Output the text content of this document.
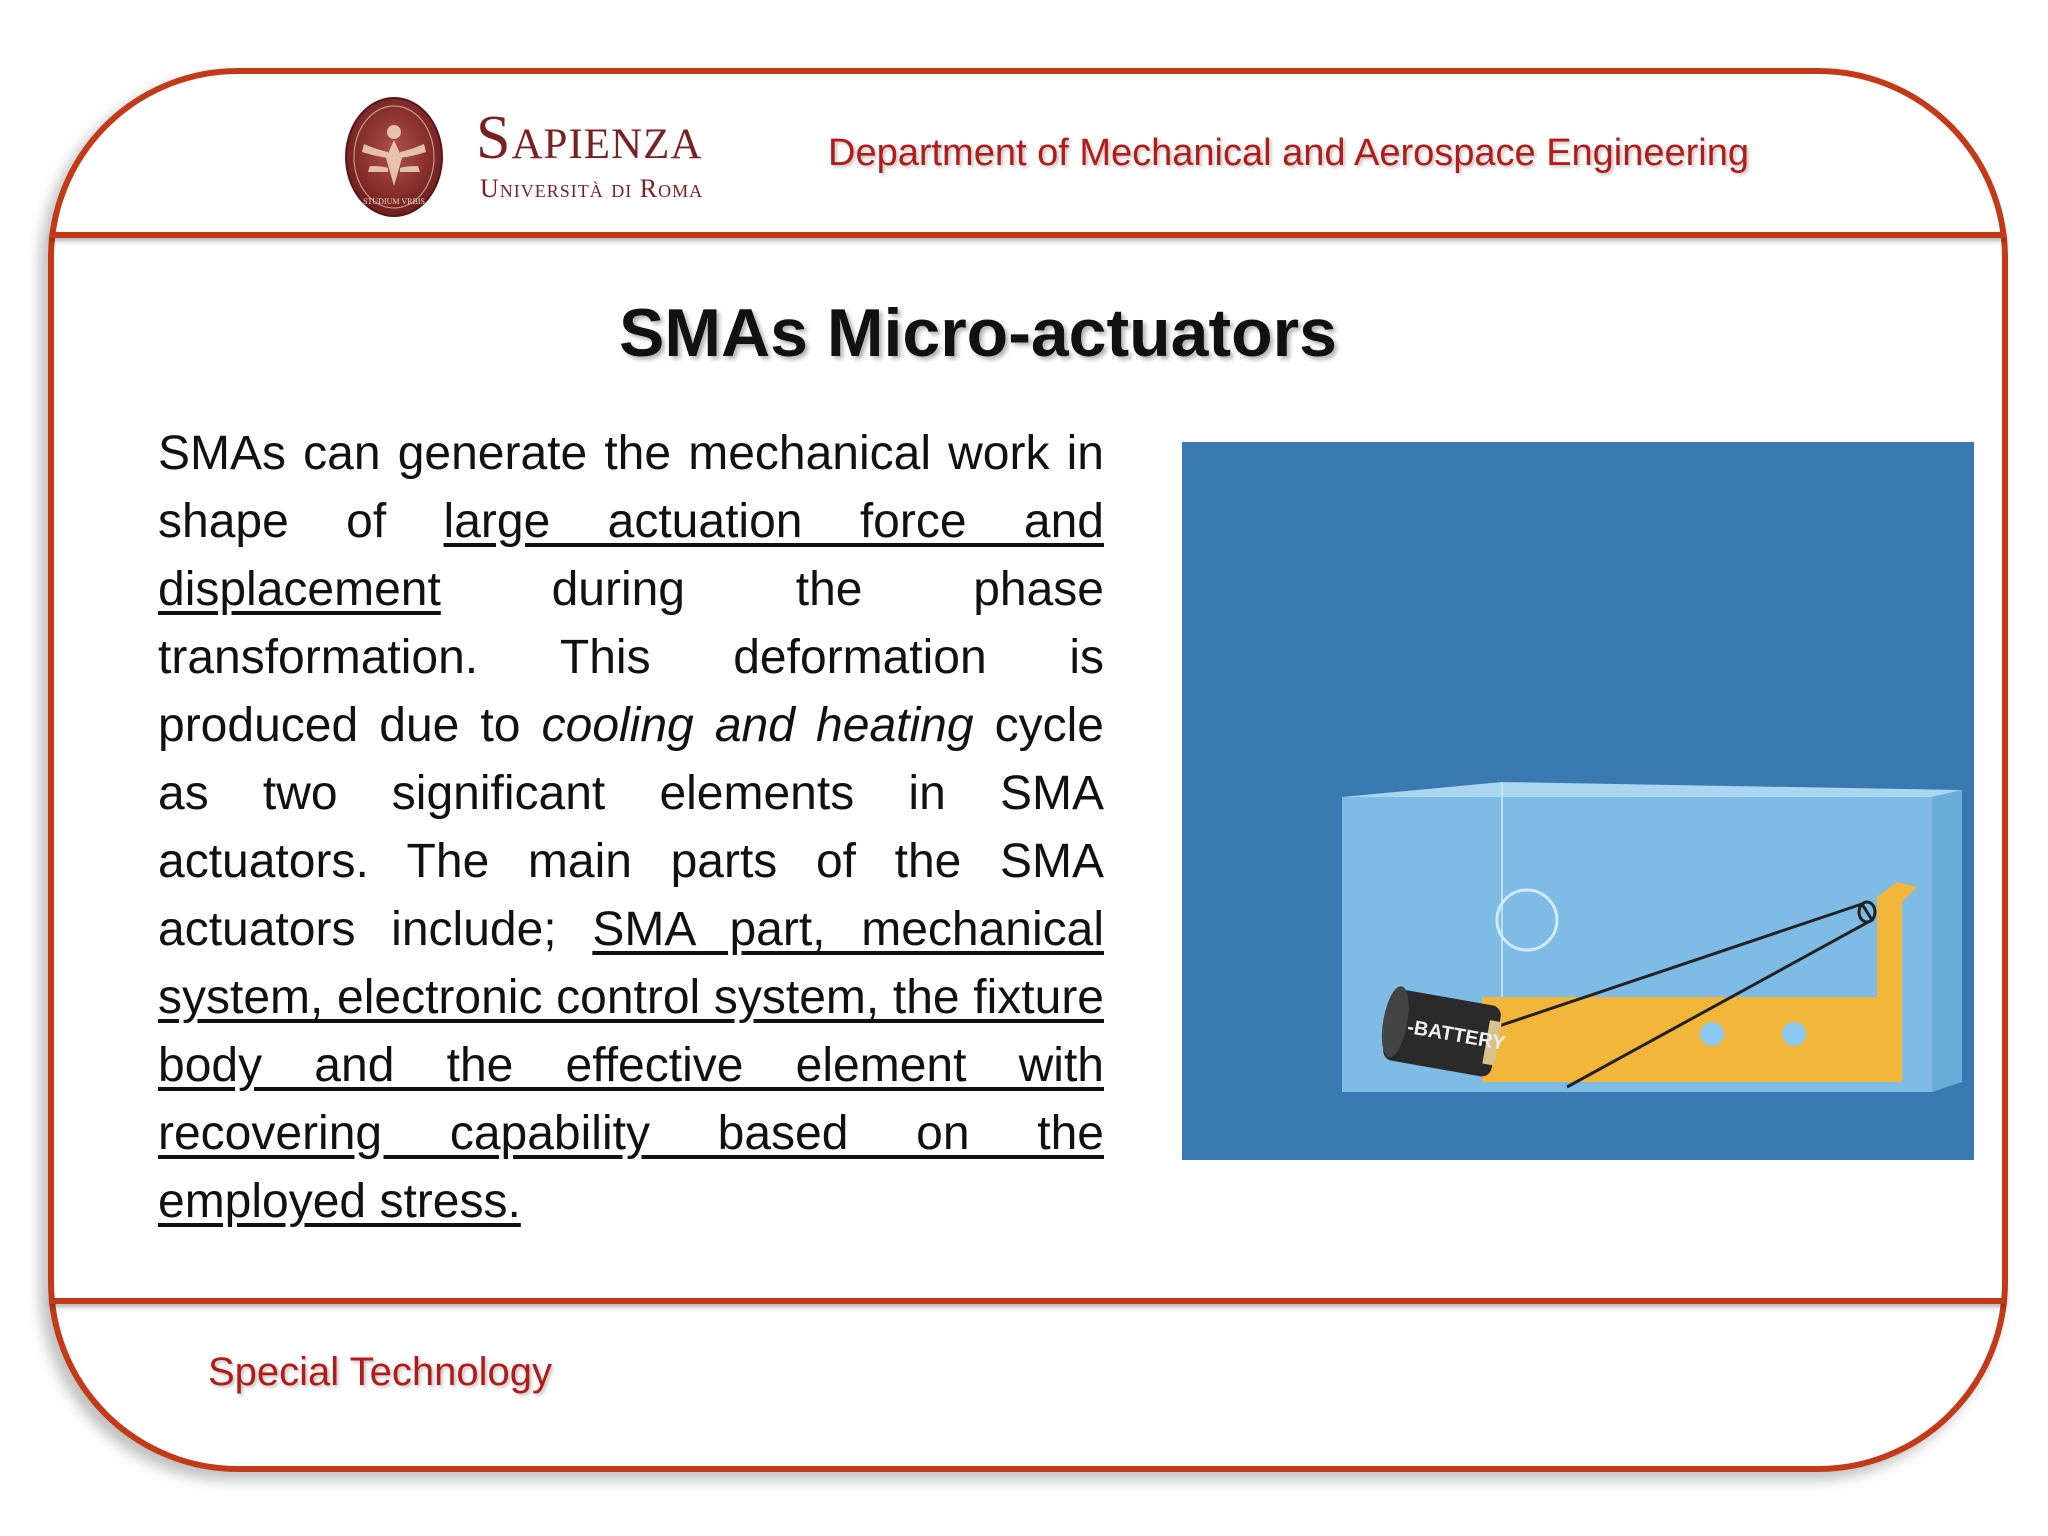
STUDIUM VRBIS
Sapienza
Università di Roma
Department of Mechanical and Aerospace Engineering
SMAs Micro-actuators
SMAs can generate the mechanical work in shape of large actuation force and displacement during the phase transformation. This deformation is produced due to cooling and heating cycle as two significant elements in SMA actuators. The main parts of the SMA actuators include; SMA part, mechanical system, electronic control system, the fixture body and the effective element with recovering capability based on the employed stress.
-BATTERY
Special Technology
